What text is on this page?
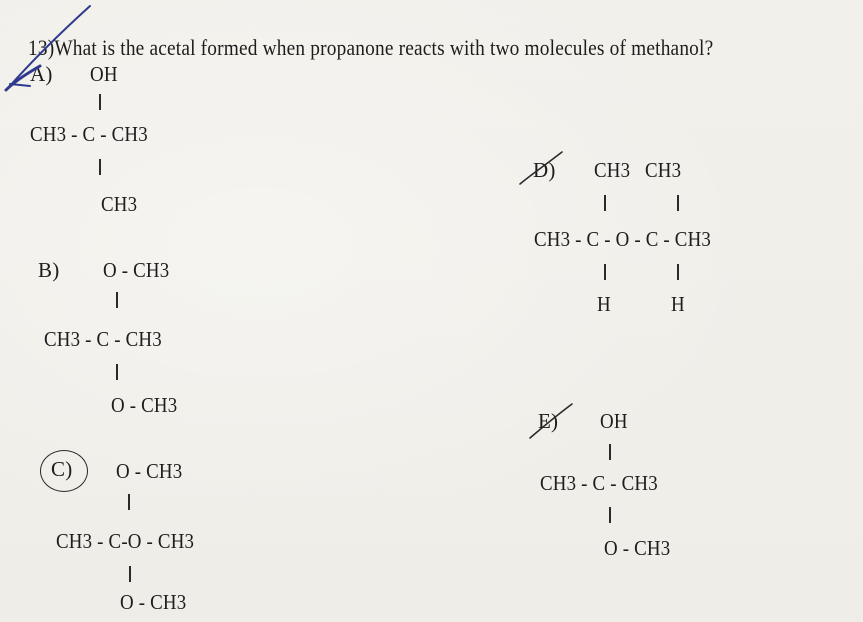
13)What is the acetal formed when propanone reacts with two molecules of methanol?
A) OH
CH3 - C - CH3
CH3
B) O - CH3
CH3 - C - CH3
O - CH3
C) O - CH3
CH3 - C-O - CH3
O - CH3
D) CH3   CH3
CH3 - C - O - C - CH3
H	H
E) OH
CH3 - C - CH3
O - CH3
